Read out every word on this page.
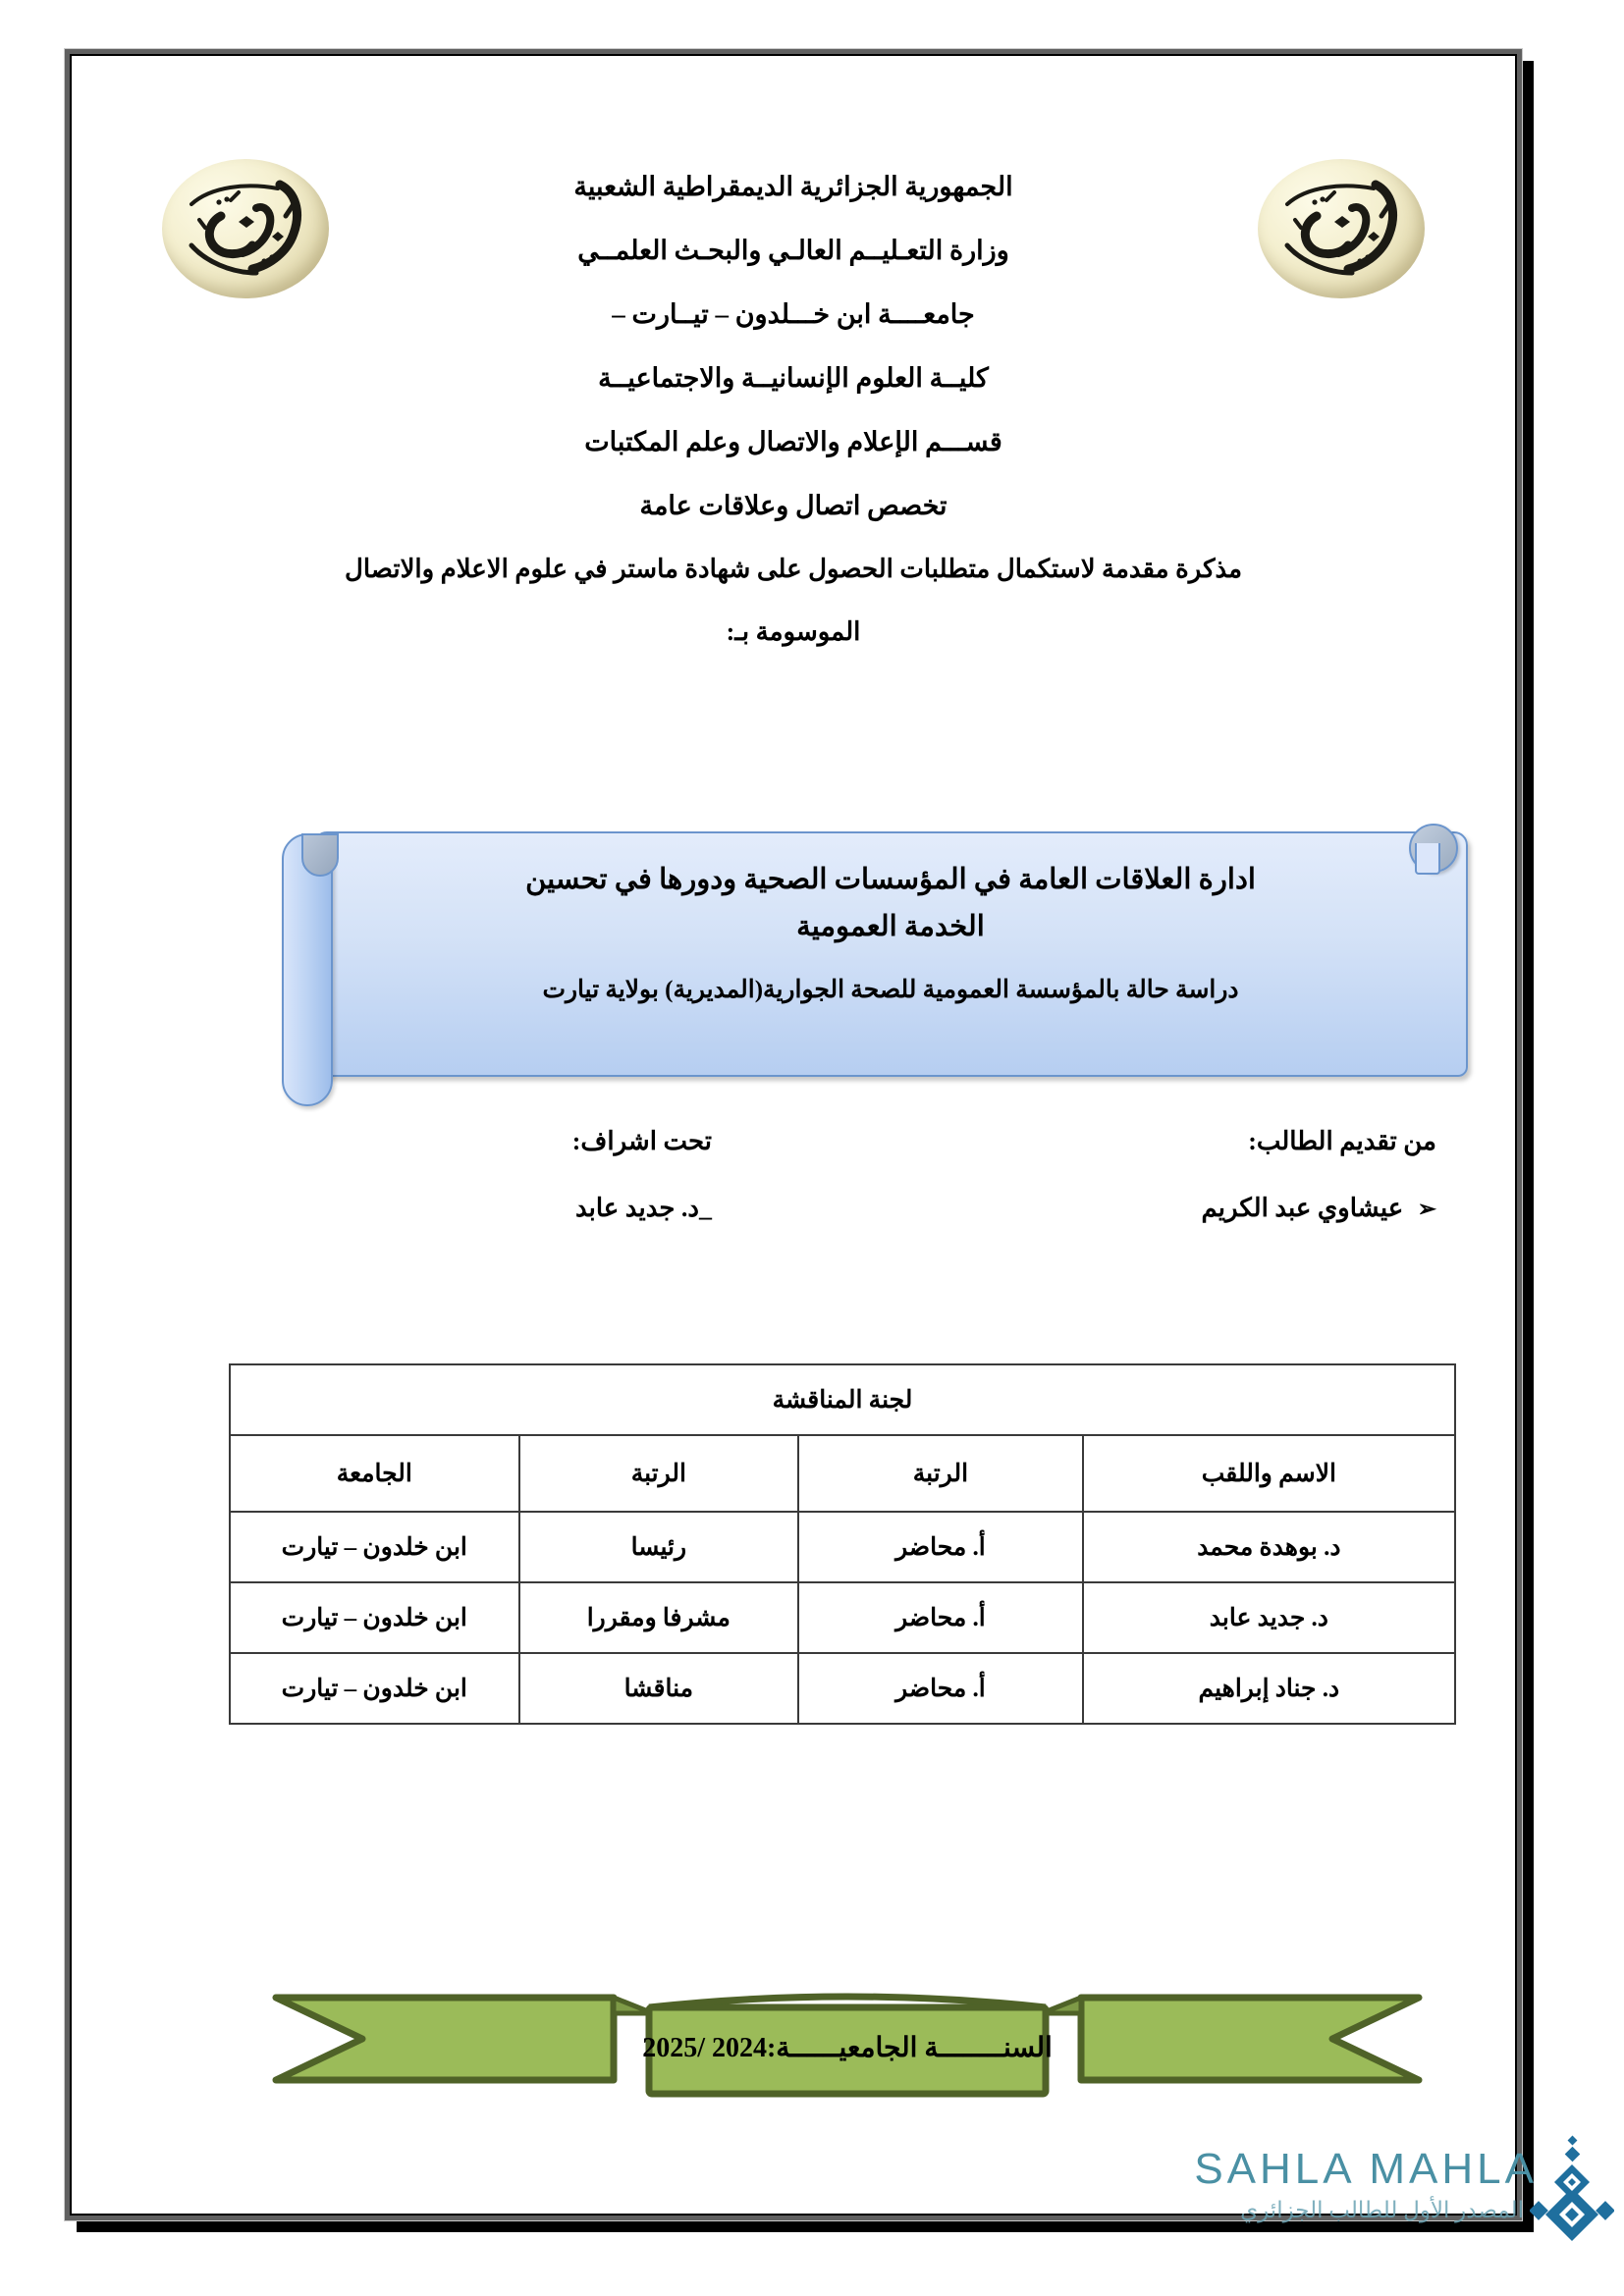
الجمهورية الجزائرية الديمقراطية الشعبية

وزارة التعـليــم العالـي والبحـث العلمــي

جامعــــة ابن خـــلدون – تيــارت –

كليــة العلوم الإنسانيــة والاجتماعيــة

قســـم الإعلام والاتصال وعلم المكتبات

تخصص اتصال وعلاقات عامة

مذكرة مقدمة لاستكمال متطلبات الحصول على شهادة ماستر في علوم الاعلام والاتصال

الموسومة بـ:

ادارة العلاقات العامة في المؤسسات الصحية ودورها في تحسين

الخدمة العمومية

دراسة حالة بالمؤسسة العمومية للصحة الجوارية(المديرية) بولاية تيارت

من تقديم الطالب:
➢ عيشاوي عبد الكريم
تحت اشراف:
_د. جديد عابد
لجنة المناقشة			
الاسم واللقب	الرتبة	الرتبة	الجامعة
د. بوهدة محمد	أ. محاضر	رئيسا	ابن خلدون – تيارت
د. جديد عابد	أ. محاضر	مشرفا ومقررا	ابن خلدون – تيارت
د. جناد إبراهيم	أ. محاضر	مناقشا	ابن خلدون – تيارت
السنــــــــة الجامعيــــــة:2024 /2025
SAHLA MAHLA
المصدر الأول للطالب الجزائري
